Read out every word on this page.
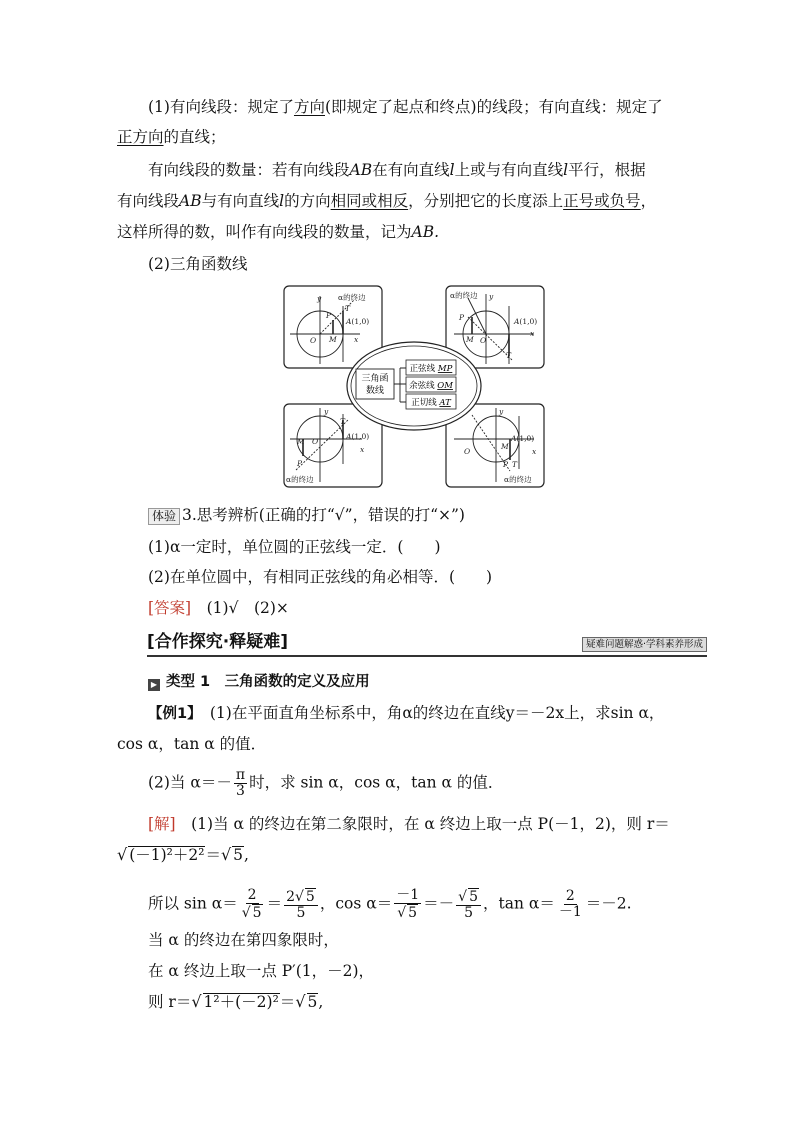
(1)有向线段：规定了方向(即规定了起点和终点)的线段；有向直线：规定了
正方向的直线；
有向线段的数量：若有向线段AB在有向直线l上或与有向直线l平行，根据
有向线段AB与有向直线l的方向相同或相反，分别把它的长度添上正号或负号，
这样所得的数，叫作有向线段的数量，记为AB.
(2)三角函数线
三角函
数线
正弦线 MP
余弦线 OM
正切线 AT
y α的终边
P
T
A(1,0)
O M x
α的终边 y
P
M O
A(1,0)
x
T
y
T
A(1,0)
M O
P
x
α的终边
y
A(1,0)
O
M
P T
x
α的终边
体验 3.思考辨析(正确的打“√”，错误的打“×”)
(1)α一定时，单位圆的正弦线一定．(　　)
(2)在单位圆中，有相同正弦线的角必相等．(　　)
[答案]　 (1)√　(2)×
[合作探究·释疑难]	疑难问题解惑·学科素养形成
▶ 类型 1　三角函数的定义及应用
【例1】　 (1)在平面直角坐标系中，角α的终边在直线y＝－2x上，求sin α，
cos α，tan α 的值．
(2)当 $\alpha=- \frac{\pi}{3}$ 时，求 sin α，cos α，tan α 的值．
[解]　 (1)当 α 的终边在第二象限时，在 α 终边上取一点 P(－1，2)，则 r＝
√ (－1)²＋2²＝√ 5,
所以 $\sin \alpha= \frac{2}{√ 5} = \frac{2√ 5}{5}$ ，$\cos \alpha= \frac{-1}{√ 5} =- \frac{√ 5}{5}$ ，$\tan \alpha= \frac{2}{-1} =-2$.
当 α 的终边在第四象限时，
在 α 终边上取一点 P′(1，－2)，
则 r＝√ 1²＋(－2)²＝√ 5,
